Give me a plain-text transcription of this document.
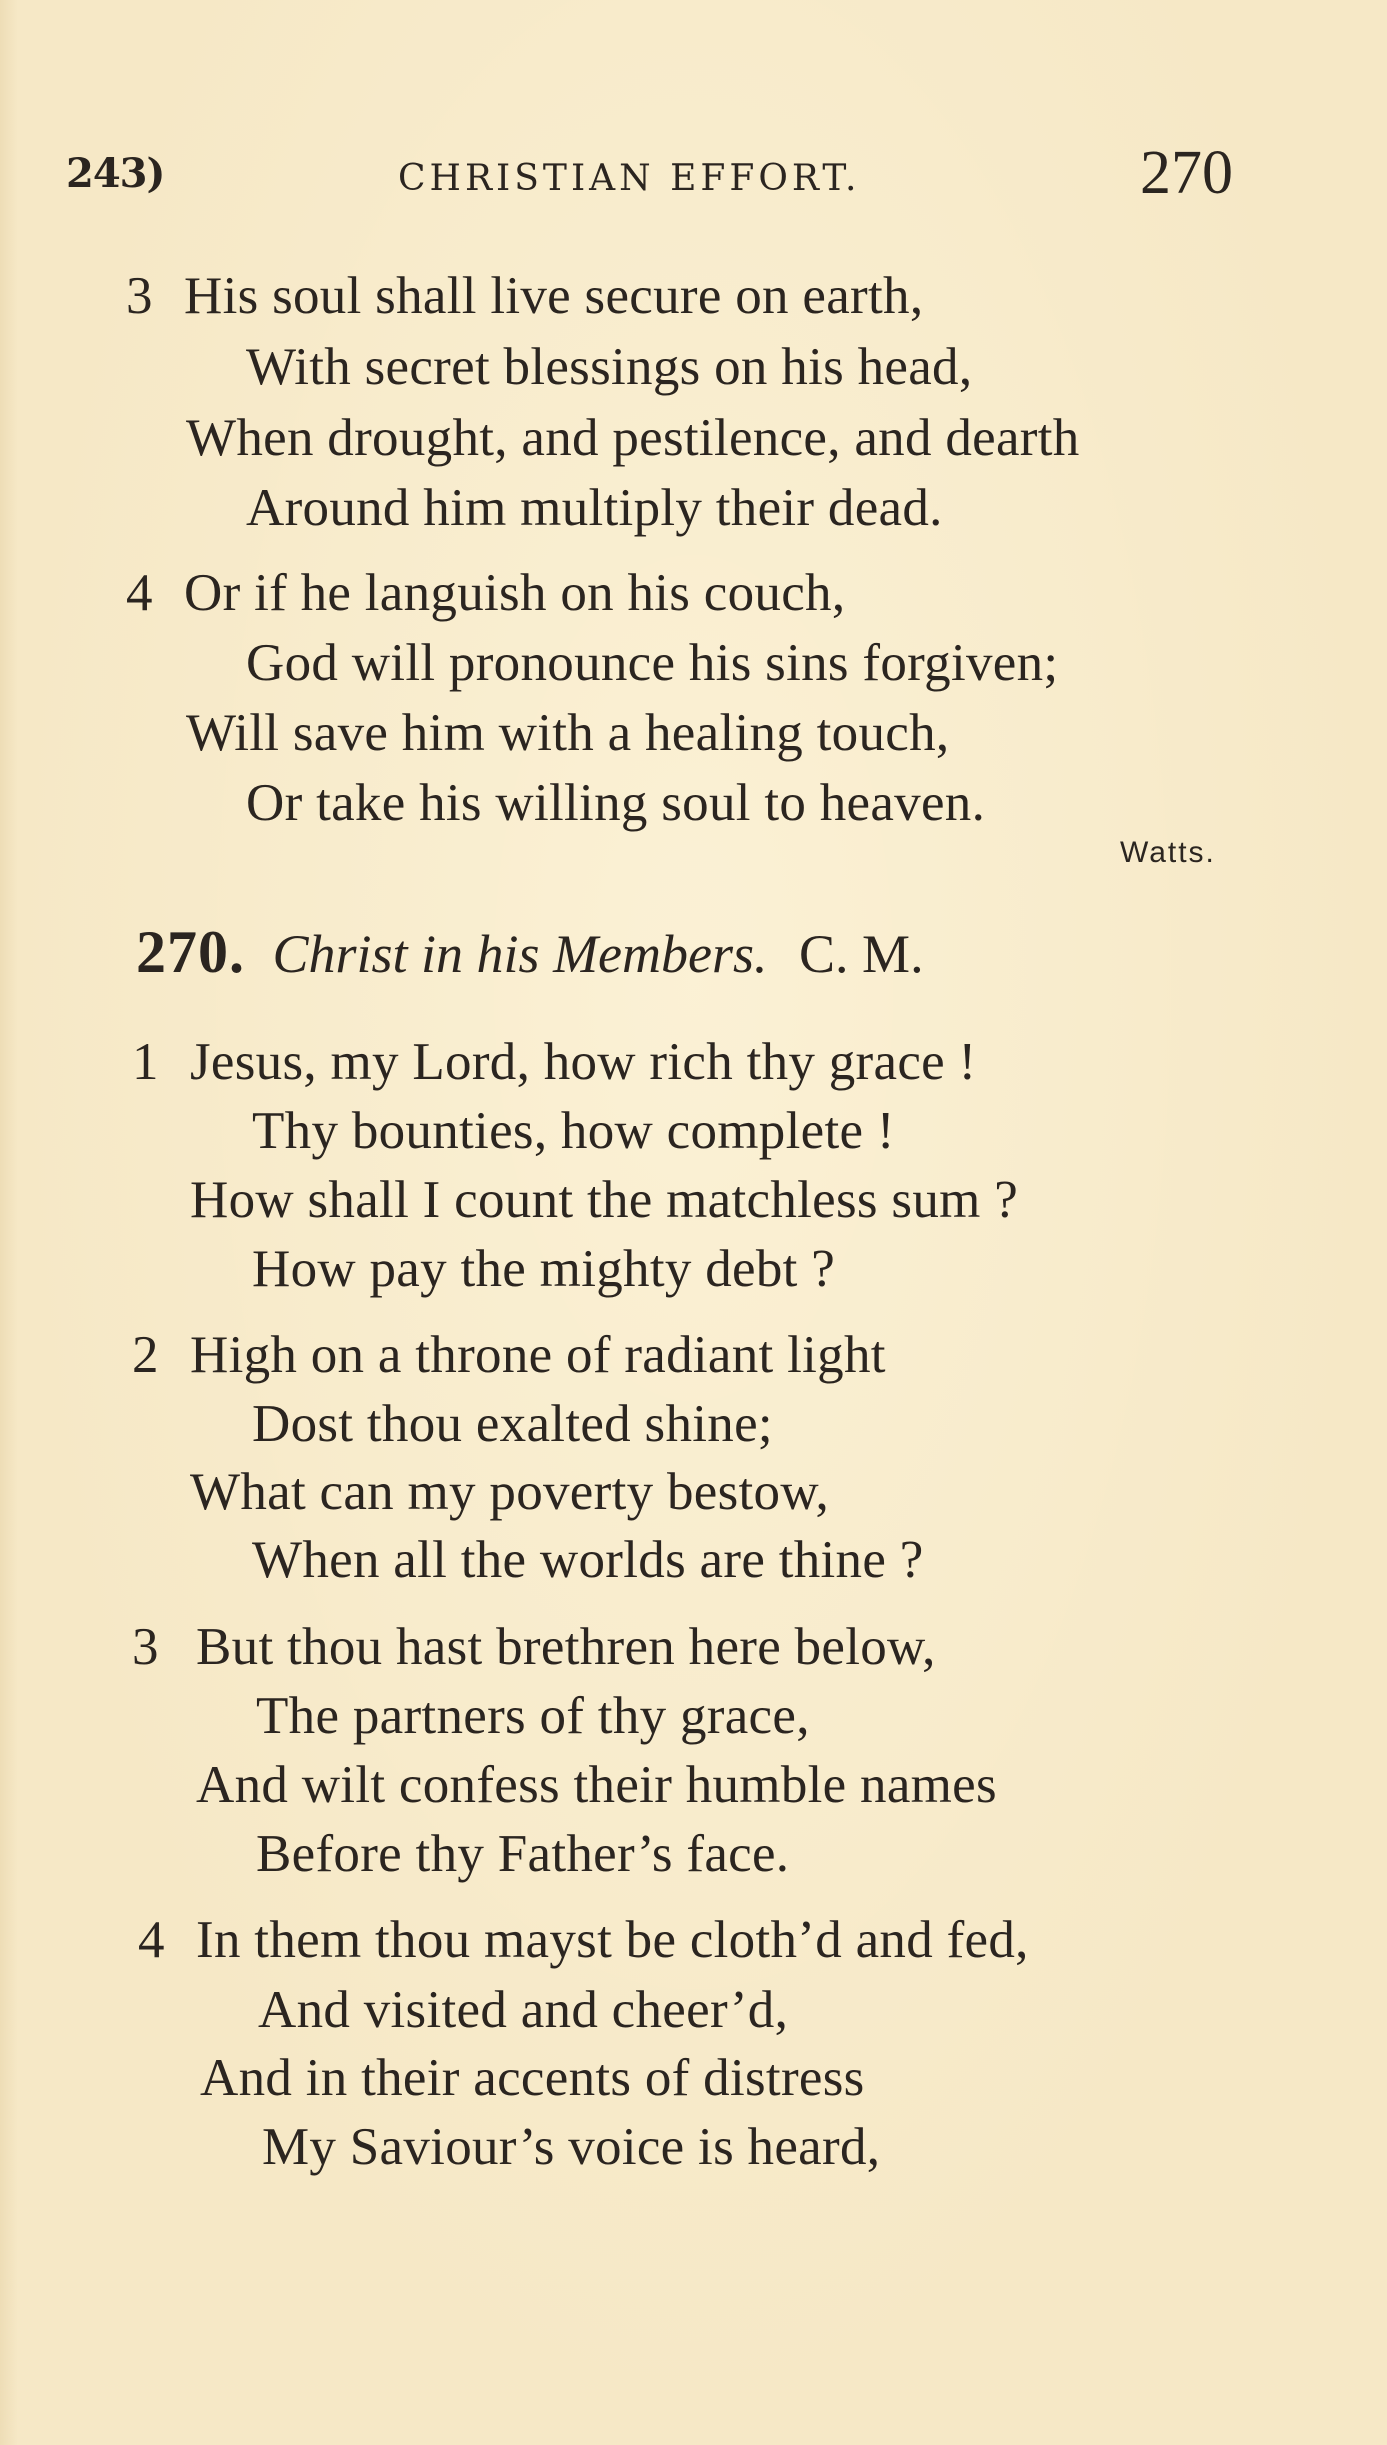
243)	CHRISTIAN EFFORT.	270
3 His soul shall live secure on earth,
With secret blessings on his head,
When drought, and pestilence, and dearth
Around him multiply their dead.
4 Or if he languish on his couch,
God will pronounce his sins forgiven;
Will save him with a healing touch,
Or take his willing soul to heaven.
Watts.
270. Christ in his Members. C. M.
1 Jesus, my Lord, how rich thy grace !
Thy bounties, how complete !
How shall I count the matchless sum ?
How pay the mighty debt ?
2 High on a throne of radiant light
Dost thou exalted shine;
What can my poverty bestow,
When all the worlds are thine ?
3 But thou hast brethren here below,
The partners of thy grace,
And wilt confess their humble names
Before thy Father’s face.
4 In them thou mayst be cloth’d and fed,
And visited and cheer’d,
And in their accents of distress
My Saviour’s voice is heard,
